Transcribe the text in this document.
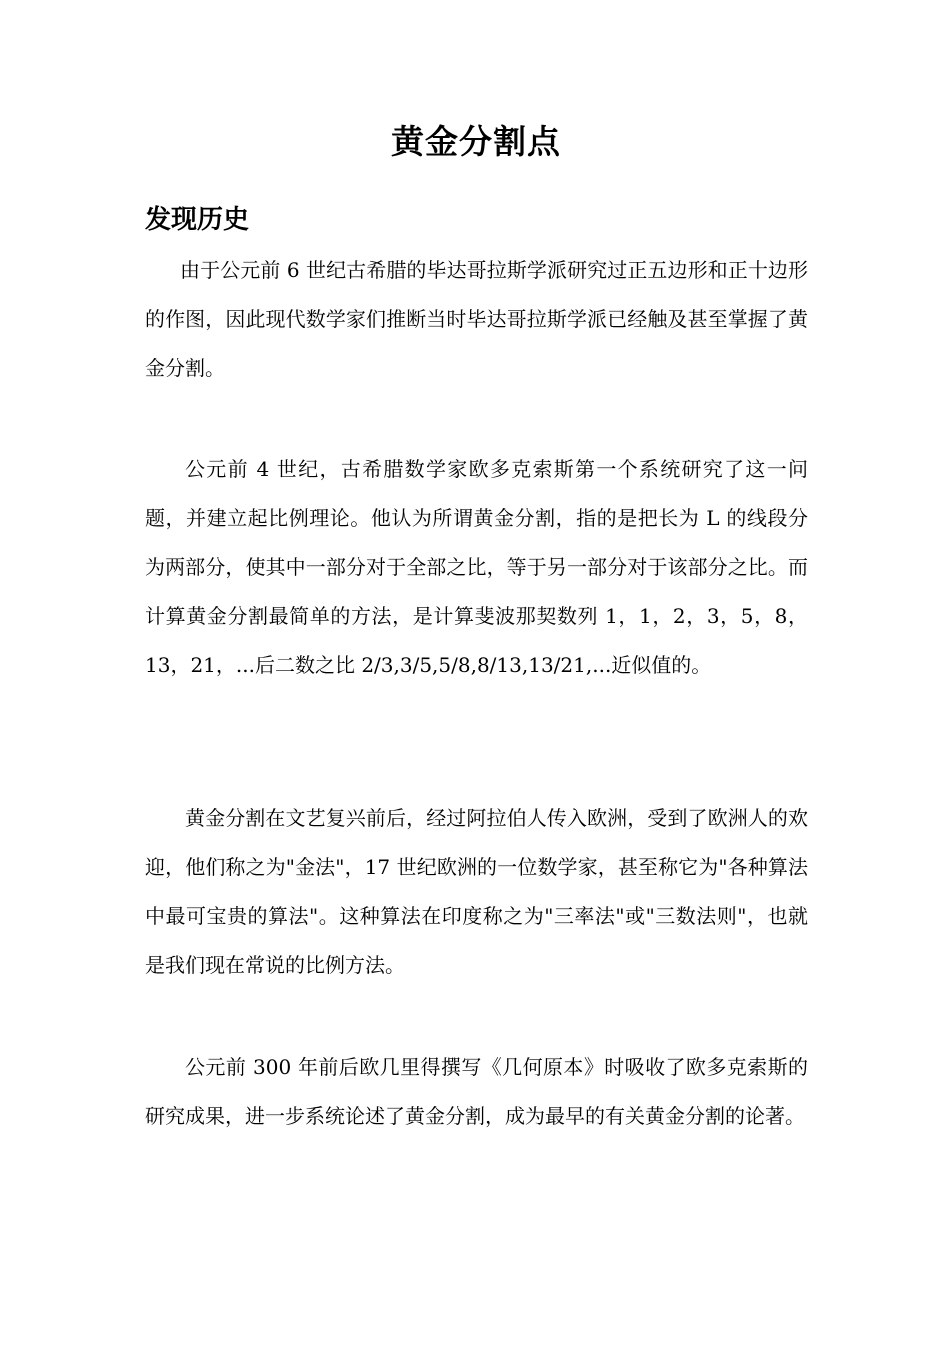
黄金分割点
发现历史

由于公元前 6 世纪古希腊的毕达哥拉斯学派研究过正五边形和正十边形的作图，因此现代数学家们推断当时毕达哥拉斯学派已经触及甚至掌握了黄金分割。

公元前 4 世纪，古希腊数学家欧多克索斯第一个系统研究了这一问题，并建立起比例理论。他认为所谓黄金分割，指的是把长为 L 的线段分为两部分，使其中一部分对于全部之比，等于另一部分对于该部分之比。而计算黄金分割最简单的方法，是计算斐波那契数列 1，1，2，3，5，8，13，21，...后二数之比 2/3,3/5,5/8,8/13,13/21,...近似值的。

黄金分割在文艺复兴前后，经过阿拉伯人传入欧洲，受到了欧洲人的欢迎，他们称之为"金法"，17 世纪欧洲的一位数学家，甚至称它为"各种算法中最可宝贵的算法"。这种算法在印度称之为"三率法"或"三数法则"，也就是我们现在常说的比例方法。

公元前 300 年前后欧几里得撰写《几何原本》时吸收了欧多克索斯的研究成果，进一步系统论述了黄金分割，成为最早的有关黄金分割的论著。
